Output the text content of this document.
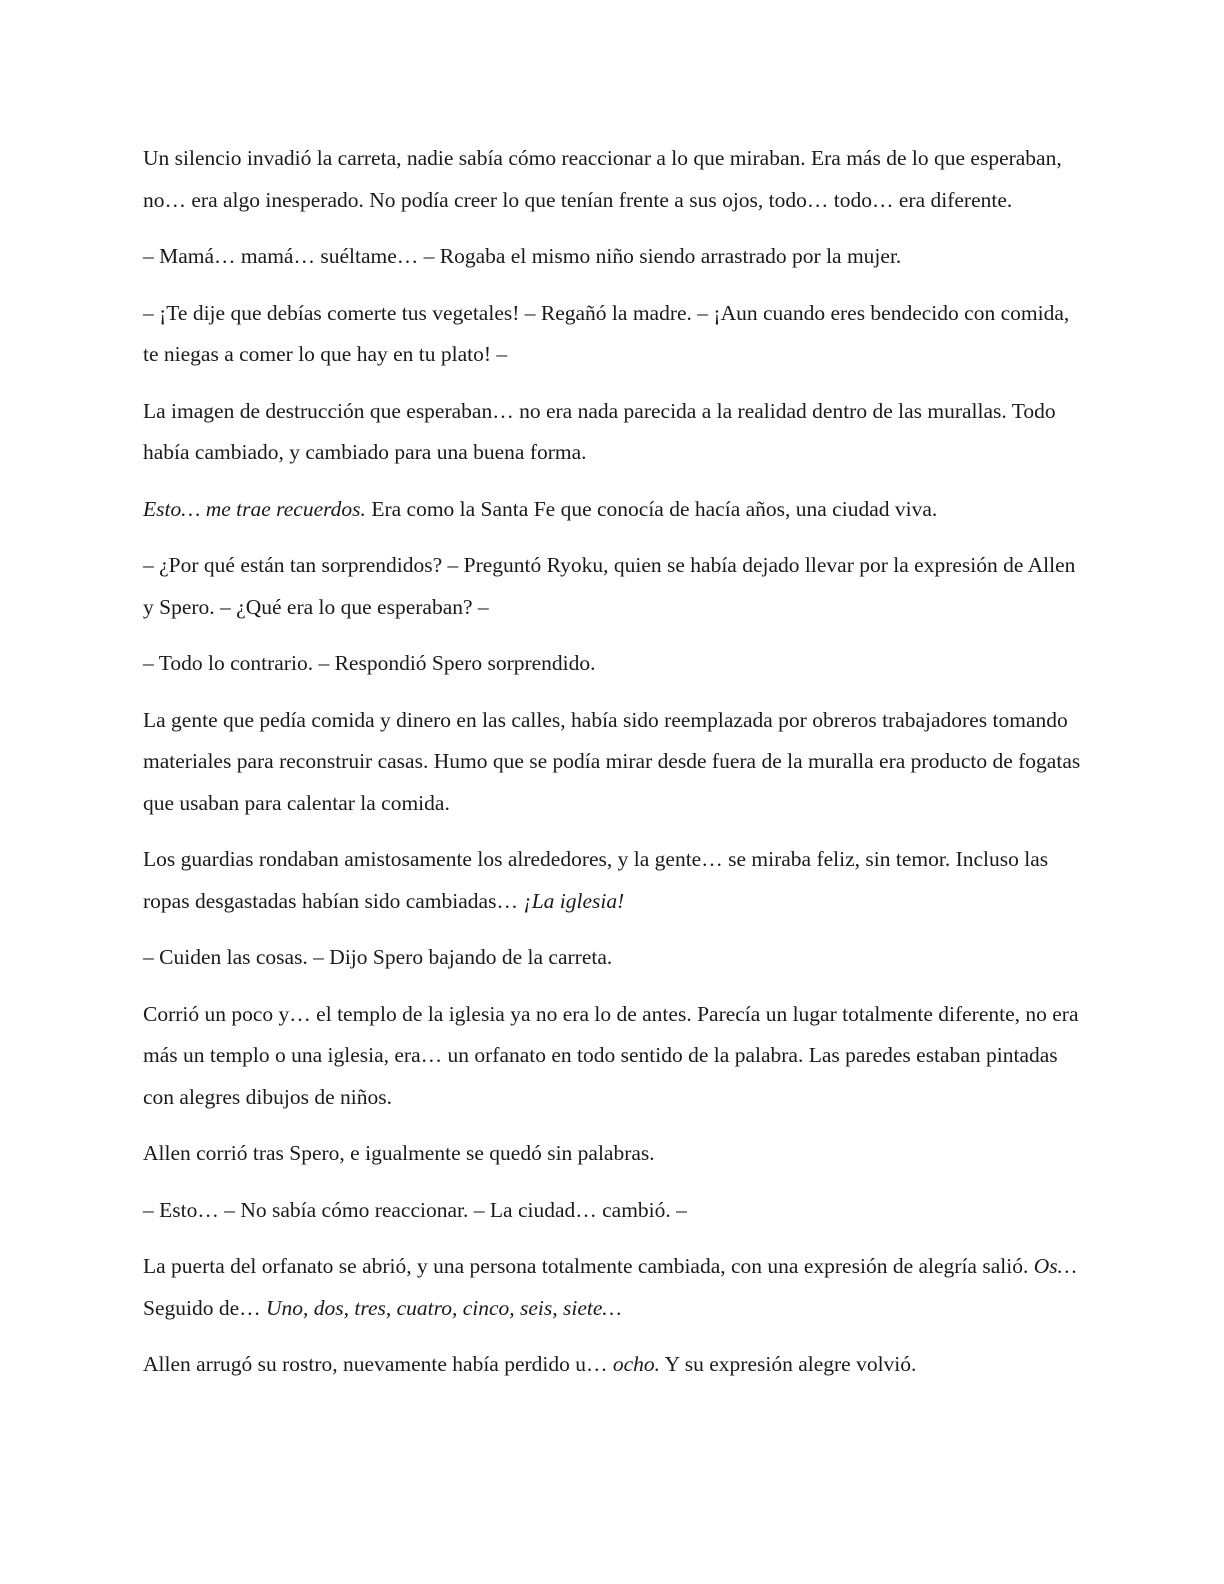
Un silencio invadió la carreta, nadie sabía cómo reaccionar a lo que miraban. Era más de lo que esperaban, no… era algo inesperado. No podía creer lo que tenían frente a sus ojos, todo… todo… era diferente.

– Mamá… mamá… suéltame… – Rogaba el mismo niño siendo arrastrado por la mujer.

– ¡Te dije que debías comerte tus vegetales! – Regañó la madre. – ¡Aun cuando eres bendecido con comida, te niegas a comer lo que hay en tu plato! –

La imagen de destrucción que esperaban… no era nada parecida a la realidad dentro de las murallas. Todo había cambiado, y cambiado para una buena forma.

Esto… me trae recuerdos. Era como la Santa Fe que conocía de hacía años, una ciudad viva.

– ¿Por qué están tan sorprendidos? – Preguntó Ryoku, quien se había dejado llevar por la expresión de Allen y Spero. – ¿Qué era lo que esperaban? –

– Todo lo contrario. – Respondió Spero sorprendido.

La gente que pedía comida y dinero en las calles, había sido reemplazada por obreros trabajadores tomando materiales para reconstruir casas. Humo que se podía mirar desde fuera de la muralla era producto de fogatas que usaban para calentar la comida.

Los guardias rondaban amistosamente los alrededores, y la gente… se miraba feliz, sin temor. Incluso las ropas desgastadas habían sido cambiadas… ¡La iglesia!

– Cuiden las cosas. – Dijo Spero bajando de la carreta.

Corrió un poco y… el templo de la iglesia ya no era lo de antes. Parecía un lugar totalmente diferente, no era más un templo o una iglesia, era… un orfanato en todo sentido de la palabra. Las paredes estaban pintadas con alegres dibujos de niños.

Allen corrió tras Spero, e igualmente se quedó sin palabras.

– Esto… – No sabía cómo reaccionar. – La ciudad… cambió. –

La puerta del orfanato se abrió, y una persona totalmente cambiada, con una expresión de alegría salió. Os… Seguido de… Uno, dos, tres, cuatro, cinco, seis, siete…

Allen arrugó su rostro, nuevamente había perdido u… ocho. Y su expresión alegre volvió.
